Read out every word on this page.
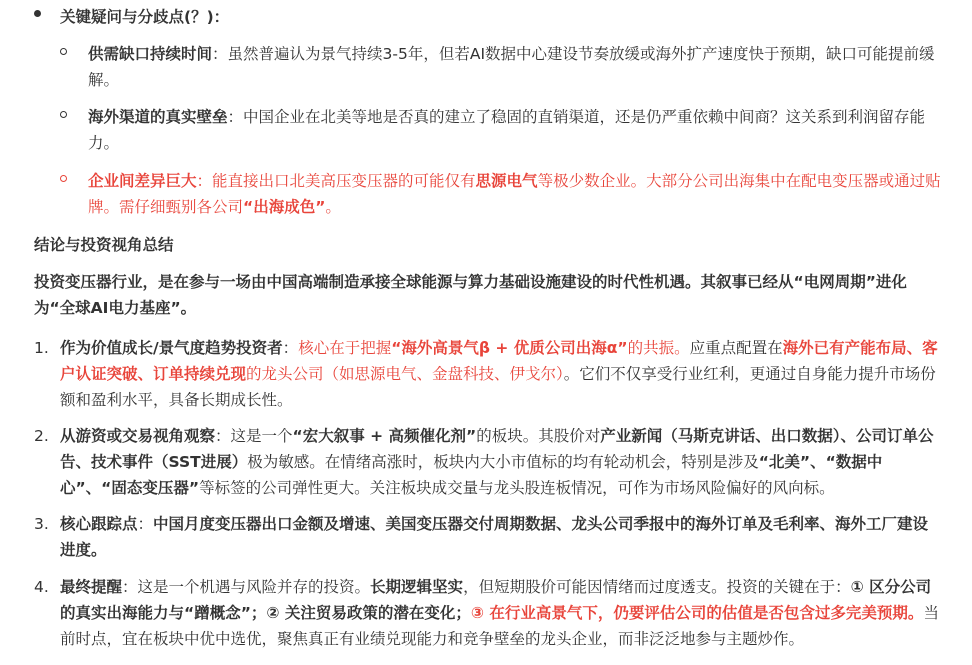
关键疑问与分歧点(？)：
供需缺口持续时间：虽然普遍认为景气持续3-5年，但若AI数据中心建设节奏放缓或海外扩产速度快于预期，缺口可能提前缓解。
海外渠道的真实壁垒：中国企业在北美等地是否真的建立了稳固的直销渠道，还是仍严重依赖中间商？这关系到利润留存能力。
企业间差异巨大：能直接出口北美高压变压器的可能仅有思源电气等极少数企业。大部分公司出海集中在配电变压器或通过贴牌。需仔细甄别各公司“出海成色”。
结论与投资视角总结
投资变压器行业，是在参与一场由中国高端制造承接全球能源与算力基础设施建设的时代性机遇。其叙事已经从“电网周期”进化为“全球AI电力基座”。
1. 作为价值成长/景气度趋势投资者：核心在于把握“海外高景气β + 优质公司出海α”的共振。应重点配置在海外已有产能布局、客户认证突破、订单持续兑现的龙头公司（如思源电气、金盘科技、伊戈尔）。它们不仅享受行业红利，更通过自身能力提升市场份额和盈利水平，具备长期成长性。
2. 从游资或交易视角观察：这是一个“宏大叙事 + 高频催化剂”的板块。其股价对产业新闻（马斯克讲话、出口数据）、公司订单公告、技术事件（SST进展）极为敏感。在情绪高涨时，板块内大小市值标的均有轮动机会，特别是涉及“北美”、“数据中心”、“固态变压器”等标签的公司弹性更大。关注板块成交量与龙头股连板情况，可作为市场风险偏好的风向标。
3. 核心跟踪点：中国月度变压器出口金额及增速、美国变压器交付周期数据、龙头公司季报中的海外订单及毛利率、海外工厂建设进度。
4. 最终提醒：这是一个机遇与风险并存的投资。长期逻辑坚实，但短期股价可能因情绪而过度透支。投资的关键在于：① 区分公司的真实出海能力与“蹭概念”；② 关注贸易政策的潜在变化；③ 在行业高景气下，仍要评估公司的估值是否包含过多完美预期。当前时点，宜在板块中优中选优，聚焦真正有业绩兑现能力和竞争壁垒的龙头企业，而非泛泛地参与主题炒作。
